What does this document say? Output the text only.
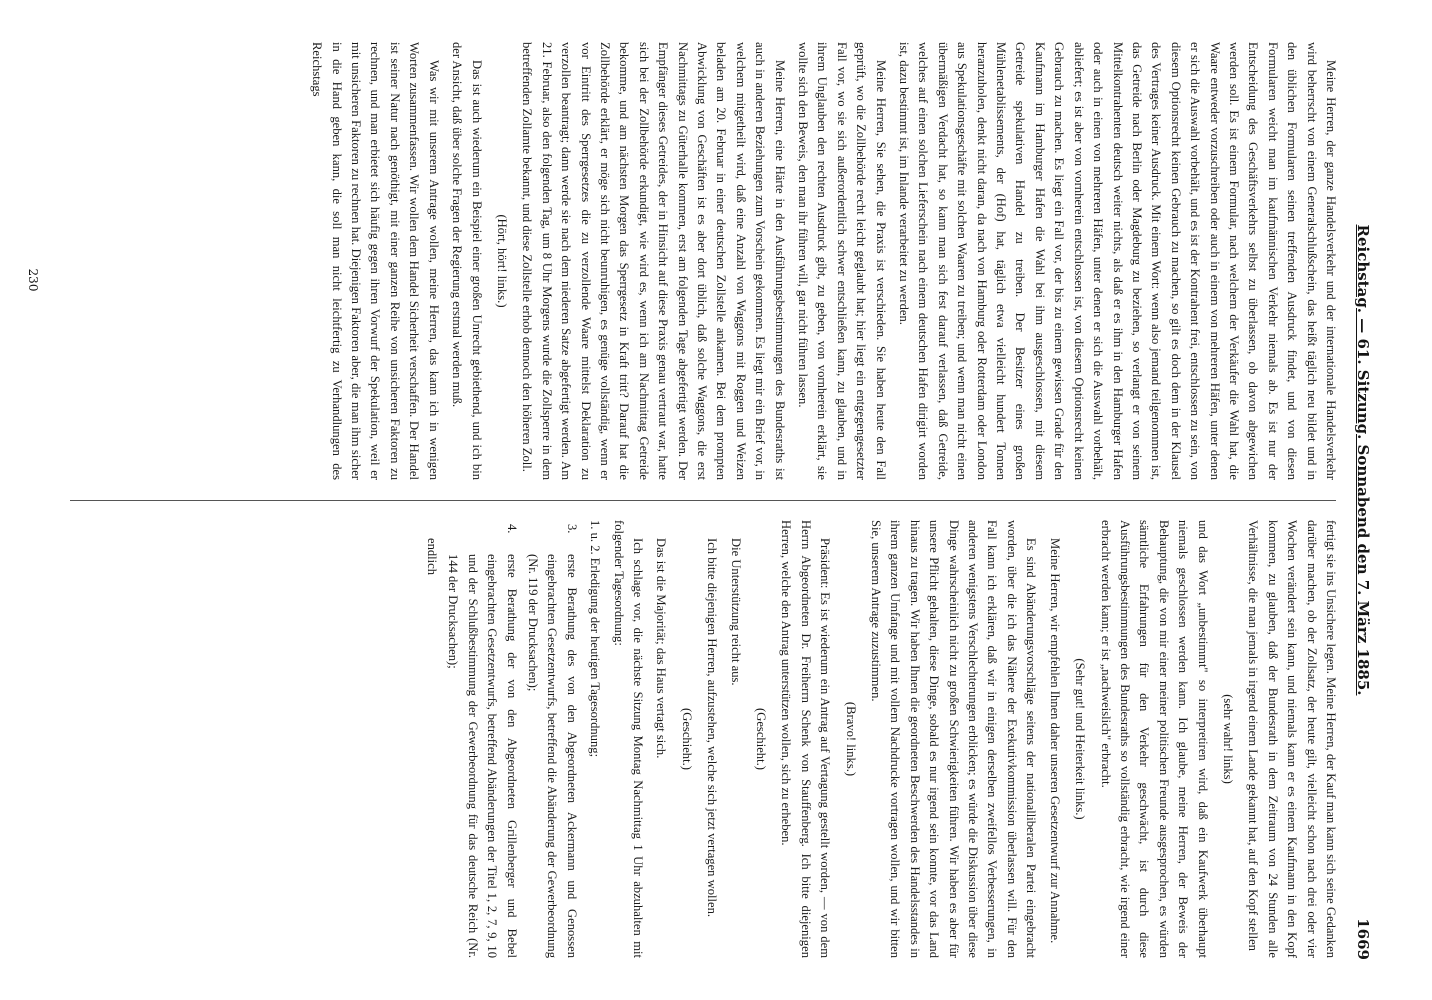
Reichstag. — 61. Sitzung. Sonnabend den 7. März 1885.
1669

Meine Herren, der ganze Handelsverkehr und der internationale Handelsverkehr wird beherrscht von einem Generalschlußschein, das heißt täglich neu bildet und in den üblichen Formularen seinen treffenden Ausdruck findet, und von diesen Formularen weicht man im kaufmännischen Verkehr niemals ab. Es ist nur der Entscheidung des Geschäftsverkehrs selbst zu überlassen, ob davon abgewichen werden soll. Es ist einem Formular, nach welchem der Verkäufer die Wahl hat, die Waare entweder vorzuschreiben oder auch in einem von mehreren Häfen, unter denen er sich die Auswahl vorbehält, und es ist der Kontrahent frei, entschlossen zu sein, von diesem Optionsrecht keinen Gebrauch zu machen, so gilt es doch dem in der Klausel des Vertrages keiner Ausdruck. Mit einem Wort: wenn also jemand teilgenommen ist, das Getreide nach Berlin oder Magdeburg zu beziehen, so verlangt er von seinem Mittelkontrahenten deutsch weiter nichts, als daß er es ihm in den Hamburger Hafen oder auch in einen von mehreren Häfen, unter denen er sich die Auswahl vorbehält, abliefert; es ist aber von vornherein entschlossen ist, von diesem Optionsrecht keinen Gebrauch zu machen. Es liegt ein Fall vor, der bis zu einem gewissen Grade für den Kaufmann im Hamburger Hafen die Wahl bei ihm ausgeschlossen, mit diesem Getreide spekulativen Handel zu treiben. Der Besitzer eines großen Mühlenetablissements, der (Hof) hat, täglich etwa vielleicht hundert Tonnen heranzuholen, denkt nicht daran, da nach von Hamburg oder Rotterdam oder London aus Spekulationsgeschäfte mit solchen Waaren zu treiben; und wenn man nicht einen übermäßigen Verdacht hat, so kann man sich fest darauf verlassen, daß Getreide, welches auf einen solchen Lieferschein nach einem deutschen Hafen dirigirt worden ist, dazu bestimmt ist, im Inlande verarbeitet zu werden.

Meine Herren, Sie sehen, die Praxis ist verschieden. Sie haben heute den Fall geprüft, wo die Zollbehörde recht leicht geglaubt hat; hier liegt ein entgegengesetzter Fall vor, wo sie sich außerordentlich schwer entschließen kann, zu glauben, und in ihrem Unglauben den rechten Ausdruck gibt, zu geben, von vornherein erklärt, sie wollte sich den Beweis, den man ihr führen will, gar nicht führen lassen.

Meine Herren, eine Härte in den Ausführungsbestimmungen des Bundesraths ist auch in anderen Beziehungen zum Vorschein gekommen. Es liegt mir ein Brief vor, in welchem mitgetheilt wird, daß eine Anzahl von Waggons mit Roggen und Weizen beladen am 20. Februar in einer deutschen Zollstelle ankamen. Bei dem prompten Abwicklung von Geschäften ist es aber dort üblich, daß solche Waggons, die erst Nachmittags zu Güterhalle kommen, erst am folgenden Tage abgefertigt werden. Der Empfänger dieses Getreides, der in Hinsicht auf diese Praxis genau vertraut war, hatte sich bei der Zollbehörde erkundigt, wie wird es, wenn ich am Nachmittag Getreide bekomme, und am nächsten Morgen das Sperrgesetz in Kraft tritt? Darauf hat die Zollbehörde erklärt, er möge sich nicht beunruhigen, es genüge vollständig, wenn er vor Eintritt des Sperrgesetzes die zu verzollende Waare mittelst Deklaration zu verzollen beantragt; dann werde sie nach dem niederen Satze abgefertigt werden. Am 21. Februar, also den folgenden Tag, um 8 Uhr Morgens wurde die Zollsperre in dem betreffenden Zollamte bekannt, und diese Zollstelle erhob dennoch den höheren Zoll.

(Hört, hört! links.)

Das ist auch wiederum ein Beispiel einer großen Unrecht gebiethend, und ich bin der Ansicht, daß über solche Fragen der Regierung erstmal werden muß.

Was wir mit unserem Antrage wollen, meine Herren, das kann ich in wenigen Worten zusammenfassen. Wir wollen dem Handel Sicherheit verschaffen. Der Handel ist seiner Natur nach genöthigt, mit einer ganzen Reihe von unsicheren Faktoren zu rechnen, und man erbietet sich häufig gegen ihren Vorwurf der Spekulation, weil er mit unsicheren Faktoren zu rechnen hat. Diejenigen Faktoren aber, die man ihm sicher in die Hand geben kann, die soll man nicht leichtfertig zu Verhandlungen des Reichstags

fertigt sie ins Unsichere legen. Meine Herren, der Kauf man kann sich seine Gedanken darüber machen, ob der Zollsatz, der heute gilt, vielleicht schon nach drei oder vier Wochen verändert sein kann, und niemals kann er es einem Kaufmann in den Kopf kommen, zu glauben, daß der Bundesrath in dem Zeitraum von 24 Stunden alle Verhältnisse, die man jemals in irgend einem Lande gekannt hat, auf den Kopf stellen

(sehr wahr! links)

und das Wort „unbestimmt" so interpretiren wird, daß ein Kaufwerk überhaupt niemals geschlossen werden kann. Ich glaube, meine Herren, der Beweis der Behauptung, die von mir einer meiner politischen Freunde ausgesprochen, es würden sämtliche Erfahrungen für den Verkehr geschwächt, ist durch diese Ausführungsbestimmungen des Bundesraths so vollständig erbracht, wie irgend einer erbracht werden kann; er ist „nachweislich" erbracht.

(Sehr gut! und Heiterkeit links.)

Meine Herren, wir empfehlen Ihnen daher unseren Gesetzentwurf zur Annahme.

Es sind Abänderungsvorschläge seitens der nationalliberalen Partei eingebracht worden, über die ich das Nähere der Exekutivkommission überlassen will. Für den Fall kann ich erklären, daß wir in einigen derselben zweifellos Verbesserungen, in anderen wenigstens Verschlechterungen erblicken; es würde die Diskussion über diese Dinge wahrscheinlich nicht zu großen Schwierigkeiten führen. Wir haben es aber für unsere Pflicht gehalten, diese Dinge, sobald es nur irgend sein konnte, vor das Land hinaus zu tragen. Wir haben Ihnen die geordneten Beschwerden des Handelsstandes in ihrem ganzen Umfange und mit vollem Nachdrucke vortragen wollen, und wir bitten Sie, unserem Antrage zuzustimmen.

(Bravo! links.)

Präsident: Es ist wiederum ein Antrag auf Vertagung gestellt worden, — von dem Herrn Abgeordneten Dr. Freiherrn Schenk von Stauffenberg. Ich bitte diejenigen Herren, welche den Antrag unterstützen wollen, sich zu erheben.

(Geschieht.)

Die Unterstützung reicht aus.

Ich bitte diejenigen Herren, aufzustehen, welche sich jetzt vertagen wollen.

(Geschieht.)

Das ist die Majorität; das Haus vertagt sich.

Ich schlage vor, die nächste Sitzung Montag Nachmittag 1 Uhr abzuhalten mit folgender Tagesordnung:

1. u. 2. Erledigung der heutigen Tagesordnung;

3.
erste Berathung des von den Abgeordneten Ackermann und Genossen eingebrachten Gesetzentwurfs, betreffend die Abänderung der Gewerbeordnung (Nr. 119 der Drucksachen);
4.
erste Berathung der von den Abgeordneten Grillenberger und Bebel eingebrachten Gesetzentwurfs, betreffend Abänderungen der Titel 1, 2, 7, 9, 10 und der Schlußbestimmung der Gewerbeordnung für das deutsche Reich (Nr. 144 der Drucksachen);

endlich

230
